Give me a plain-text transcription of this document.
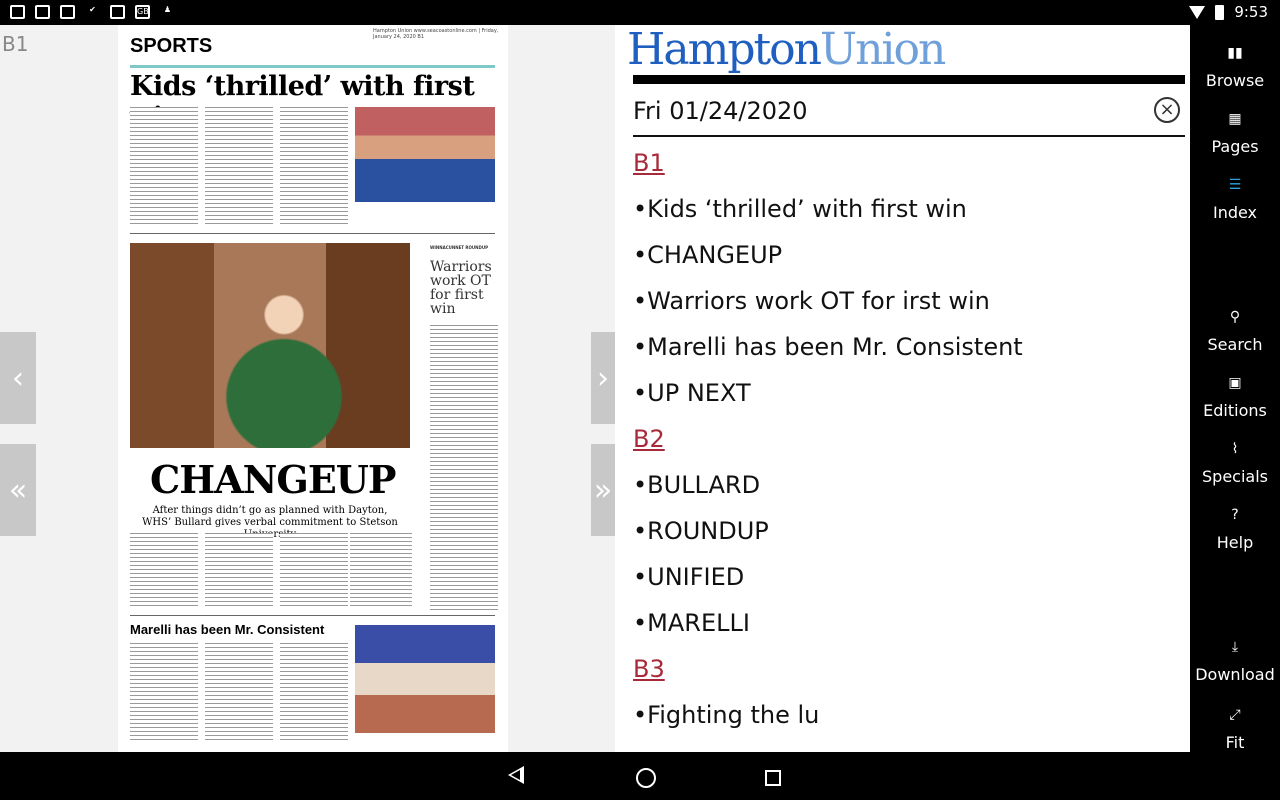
✔	GB	♟	9:53
B1
Hampton Union www.seacoastonline.com | Friday, January 24, 2020 B1
SPORTS
Kids ‘thrilled’ with first
CHANGEUP
After things didn’t go as planned with Dayton, WHS’ Bullard gives verbal commitment to Stetson
WINNACUNNET ROUNDUP
Warriors work OT for first win
Marelli has been Mr. Consistent
‹
«
›
»
HamptonUnion
Fri 01/24/2020	×
B1
•Kids ‘thrilled’ with first win
•CHANGEUP
•Warriors work OT for irst win
•Marelli has been Mr. Consistent
•UP NEXT
B2
•BULLARD
•ROUNDUP
•UNIFIED
•MARELLI
B3
•Fighting the lu
▮▮
Browse
▦
Pages
☰
Index
⚲
Search
▣
Editions
⌇
Specials
?
Help
⤓
Download
⤢
Fit
